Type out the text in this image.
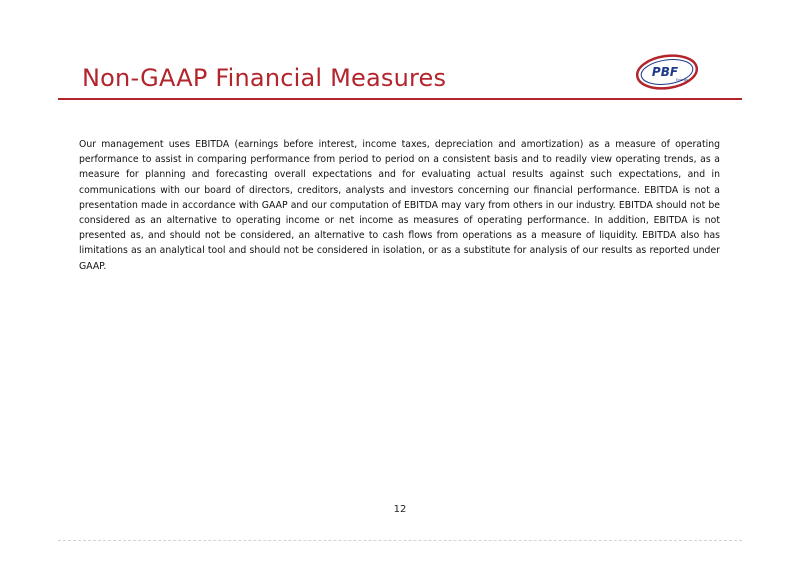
Non-GAAP Financial Measures	PBF
Energy

Our management uses EBITDA (earnings before interest, income taxes, depreciation and amortization) as a measure of operating performance to assist in comparing performance from period to period on a consistent basis and to readily view operating trends, as a measure for planning and forecasting overall expectations and for evaluating actual results against such expectations, and in communications with our board of directors, creditors, analysts and investors concerning our financial performance. EBITDA is not a presentation made in accordance with GAAP and our computation of EBITDA may vary from others in our industry. EBITDA should not be considered as an alternative to operating income or net income as measures of operating performance. In addition, EBITDA is not presented as, and should not be considered, an alternative to cash flows from operations as a measure of liquidity. EBITDA also has limitations as an analytical tool and should not be considered in isolation, or as a substitute for analysis of our results as reported under GAAP.

12
